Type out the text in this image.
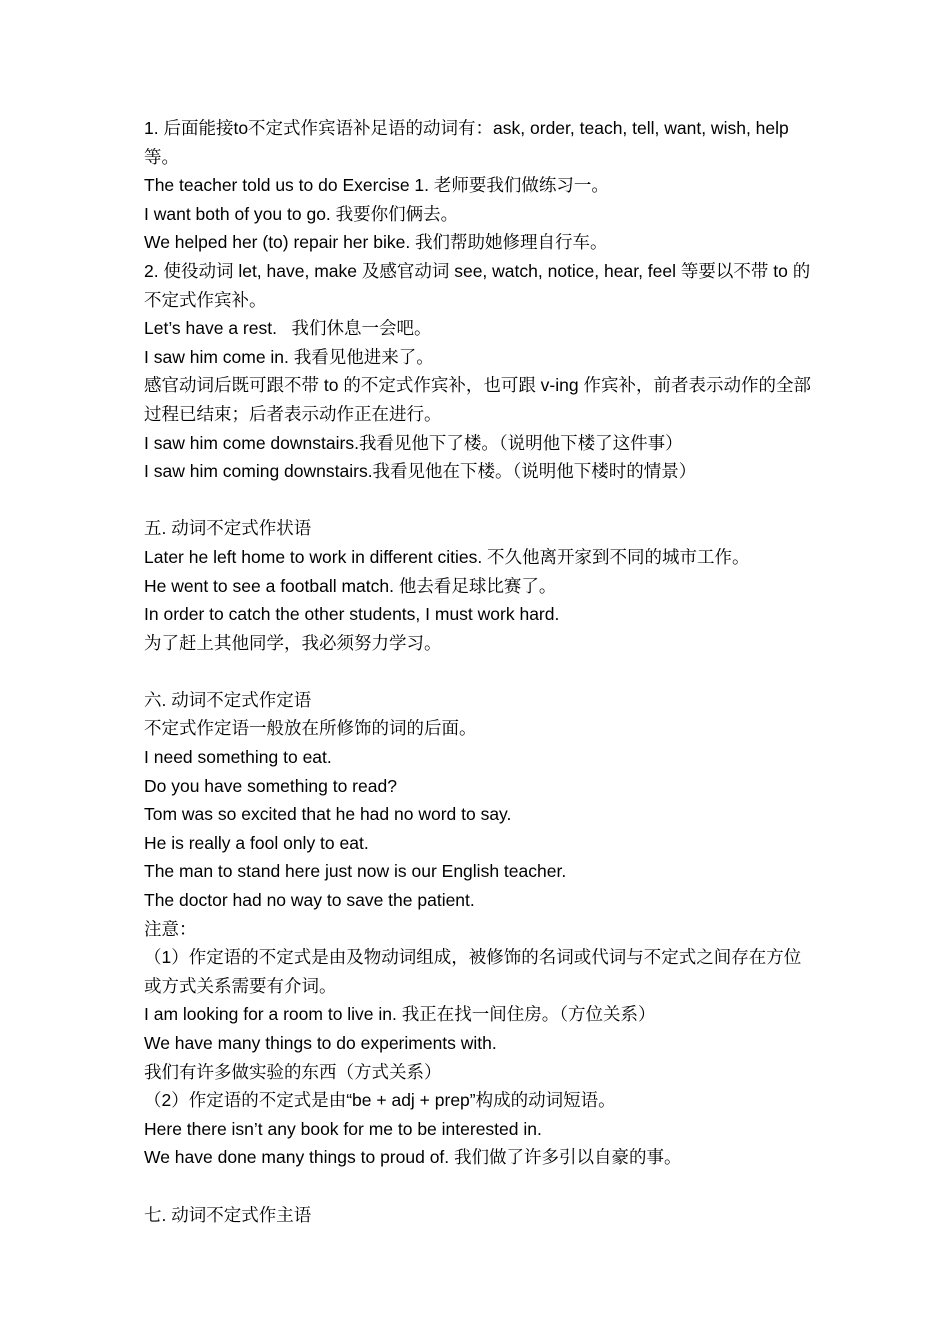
1. 后面能接to不定式作宾语补足语的动词有：ask, order, teach, tell, want, wish, help 等。
The teacher told us to do Exercise 1. 老师要我们做练习一。
I want both of you to go. 我要你们俩去。
We helped her (to) repair her bike. 我们帮助她修理自行车。
2. 使役动词 let, have, make 及感官动词 see, watch, notice, hear, feel 等要以不带 to 的不定式作宾补。
Let’s have a rest.   我们休息一会吧。
I saw him come in. 我看见他进来了。
感官动词后既可跟不带 to 的不定式作宾补，也可跟 v-ing 作宾补，前者表示动作的全部过程已结束；后者表示动作正在进行。
I saw him come downstairs.我看见他下了楼。（说明他下楼了这件事）
I saw him coming downstairs.我看见他在下楼。（说明他下楼时的情景）
五. 动词不定式作状语
Later he left home to work in different cities. 不久他离开家到不同的城市工作。
He went to see a football match. 他去看足球比赛了。
In order to catch the other students, I must work hard.
为了赶上其他同学，我必须努力学习。
六. 动词不定式作定语
不定式作定语一般放在所修饰的词的后面。
I need something to eat.
Do you have something to read?
Tom was so excited that he had no word to say.
He is really a fool only to eat.
The man to stand here just now is our English teacher.
The doctor had no way to save the patient.
注意：
（1）作定语的不定式是由及物动词组成，被修饰的名词或代词与不定式之间存在方位或方式关系需要有介词。
I am looking for a room to live in. 我正在找一间住房。（方位关系）
We have many things to do experiments with.
我们有许多做实验的东西（方式关系）
（2）作定语的不定式是由“be + adj + prep”构成的动词短语。
Here there isn’t any book for me to be interested in.
We have done many things to proud of. 我们做了许多引以自豪的事。
七. 动词不定式作主语
